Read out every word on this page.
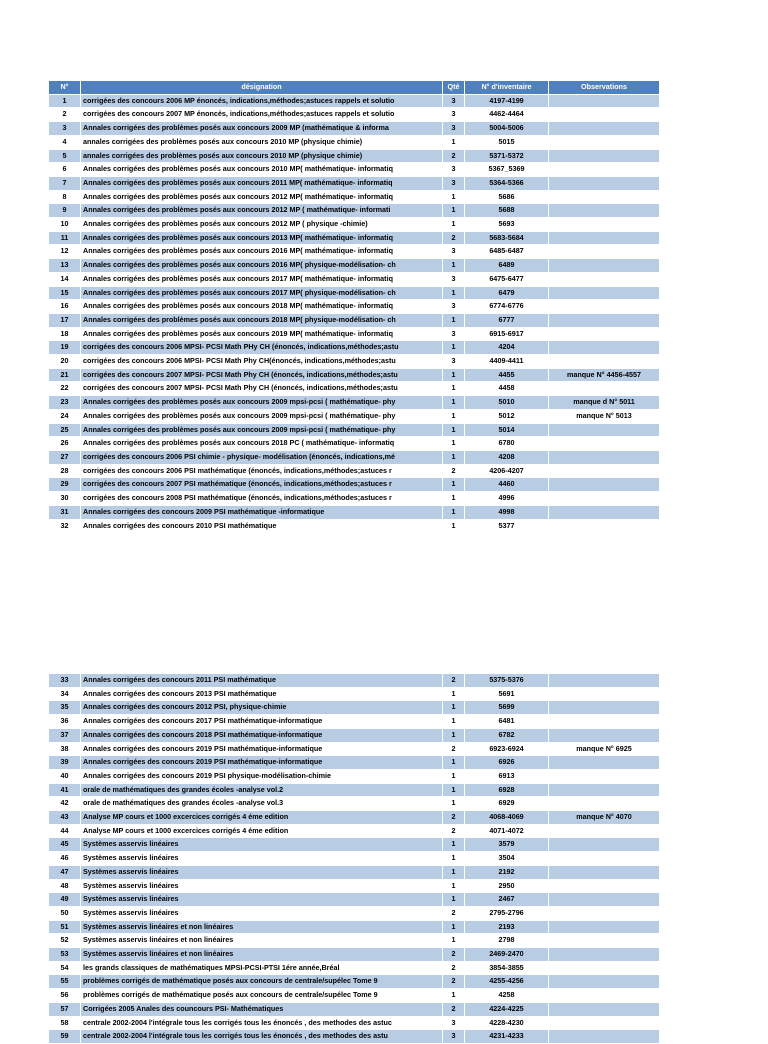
N°	désignation	Qté	N° d'inventaire	Observations
1	corrigées des concours 2006 MP énoncés, indications,méthodes;astuces rappels et solutio	3	4197-4199	
2	corrigées des concours 2007 MP énoncés, indications,méthodes;astuces rappels et solutio	3	4462-4464	
3	Annales corrigées des problèmes posés aux concours 2009 MP (mathématique & informa	3	5004-5006	
4	annales corrigées des problèmes posés aux concours 2010 MP (physique chimie)	1	5015	
5	annales corrigées des problèmes posés aux concours 2010 MP (physique chimie)	2	5371-5372	
6	Annales corrigées des problèmes posés aux concours 2010 MP( mathématique- informatiq	3	5367_5369	
7	Annales corrigées des problèmes posés aux concours 2011 MP( mathématique- informatiq	3	5364-5366	
8	Annales corrigées des problèmes posés aux concours 2012 MP( mathématique- informatiq	1	5686	
9	Annales corrigées des problèmes posés aux concours 2012 MP ( mathématique- informati	1	5688	
10	Annales corrigées des problèmes posés aux concours 2012 MP ( physique -chimie)	1	5693	
11	Annales corrigées des problèmes posés aux concours 2013 MP( mathématique- informatiq	2	5683-5684	
12	Annales corrigées des problèmes posés aux concours 2016 MP( mathématique- informatiq	3	6485-6487	
13	Annales corrigées des problèmes posés aux concours 2016 MP( physique-modélisation- ch	1	6489	
14	Annales corrigées des problèmes posés aux concours 2017 MP( mathématique- informatiq	3	6475-6477	
15	Annales corrigées des problèmes posés aux concours 2017 MP( physique-modélisation- ch	1	6479	
16	Annales corrigées des problèmes posés aux concours 2018 MP( mathématique- informatiq	3	6774-6776	
17	Annales corrigées des problèmes posés aux concours 2018 MP( physique-modélisation- ch	1	6777	
18	Annales corrigées des problèmes posés aux concours 2019 MP( mathématique- informatiq	3	6915-6917	
19	corrigées des concours 2006 MPSI- PCSI Math PHy CH (énoncés, indications,méthodes;astu	1	4204	
20	corrigées des concours 2006 MPSI- PCSI Math Phy CH(énoncés, indications,méthodes;astu	3	4409-4411	
21	corrigées des concours 2007 MPSI- PCSI Math Phy CH (énoncés, indications,méthodes;astu	1	4455	manque N° 4456-4557
22	corrigées des concours 2007 MPSI- PCSI Math Phy CH (énoncés, indications,méthodes;astu	1	4458	
23	Annales corrigées des problèmes posés aux concours 2009 mpsi-pcsi ( mathématique- phy	1	5010	manque d N° 5011
24	Annales corrigées des problèmes posés aux concours 2009 mpsi-pcsi ( mathématique- phy	1	5012	manque N° 5013
25	Annales corrigées des problèmes posés aux concours 2009 mpsi-pcsi ( mathématique- phy	1	5014	
26	Annales corrigées des problèmes posés aux concours 2018 PC ( mathématique- informatiq	1	6780	
27	corrigées des concours 2006 PSI chimie - physique- modélisation (énoncés, indications,mé	1	4208	
28	corrigées des concours 2006 PSI mathématique (énoncés, indications,méthodes;astuces r	2	4206-4207	
29	corrigées des concours 2007 PSI mathématique (énoncés, indications,méthodes;astuces r	1	4460	
30	corrigées des concours 2008 PSI mathématique (énoncés, indications,méthodes;astuces r	1	4996	
31	Annales corrigées des concours 2009 PSI mathématique -informatique	1	4998	
32	Annales corrigées des concours 2010 PSI mathématique	1	5377	
33	Annales corrigées des concours 2011 PSI mathématique	2	5375-5376	
34	Annales corrigées des concours 2013 PSI mathématique	1	5691	
35	Annales corrigées des concours 2012 PSI, physique-chimie	1	5699	
36	Annales corrigées des concours 2017 PSI mathématique-informatique	1	6481	
37	Annales corrigées des concours 2018 PSI mathématique-informatique	1	6782	
38	Annales corrigées des concours 2019 PSI mathématique-informatique	2	6923-6924	manque N° 6925
39	Annales corrigées des concours 2019 PSI mathématique-informatique	1	6926	
40	Annales corrigées des concours 2019 PSI physique-modélisation-chimie	1	6913	
41	orale de mathématiques des grandes écoles -analyse vol.2	1	6928	
42	orale de mathématiques des grandes écoles -analyse vol.3	1	6929	
43	Analyse MP cours et 1000 excercices corrigés 4 éme edition	2	4068-4069	manque N° 4070
44	Analyse MP cours et 1000 excercices corrigés 4 éme edition	2	4071-4072	
45	Systèmes asservis linéaires	1	3579	
46	Systèmes asservis linéaires	1	3504	
47	Systèmes asservis linéaires	1	2192	
48	Systèmes asservis linéaires	1	2950	
49	Systèmes asservis linéaires	1	2467	
50	Systèmes asservis linéaires	2	2795-2796	
51	Systèmes asservis linéaires et non linéaires	1	2193	
52	Systèmes asservis linéaires et non linéaires	1	2798	
53	Systèmes asservis linéaires et non linéaires	2	2469-2470	
54	les grands classiques de mathématiques MPSI-PCSI-PTSI 1ére année,Bréal	2	3854-3855	
55	problèmes corrigés de mathématique posés aux concours de centrale/supélec Tome 9	2	4255-4256	
56	problèmes corrigés de mathématique posés aux concours de centrale/supélec Tome 9	1	4258	
57	Corrigées 2005 Anales des councours PSI- Mathématiques	2	4224-4225	
58	centrale 2002-2004 l'intégrale tous les corrigés tous les énoncés , des methodes des astuc	3	4228-4230	
59	centrale 2002-2004 l'intégrale tous les corrigés tous les énoncés , des methodes des astu	3	4231-4233	
